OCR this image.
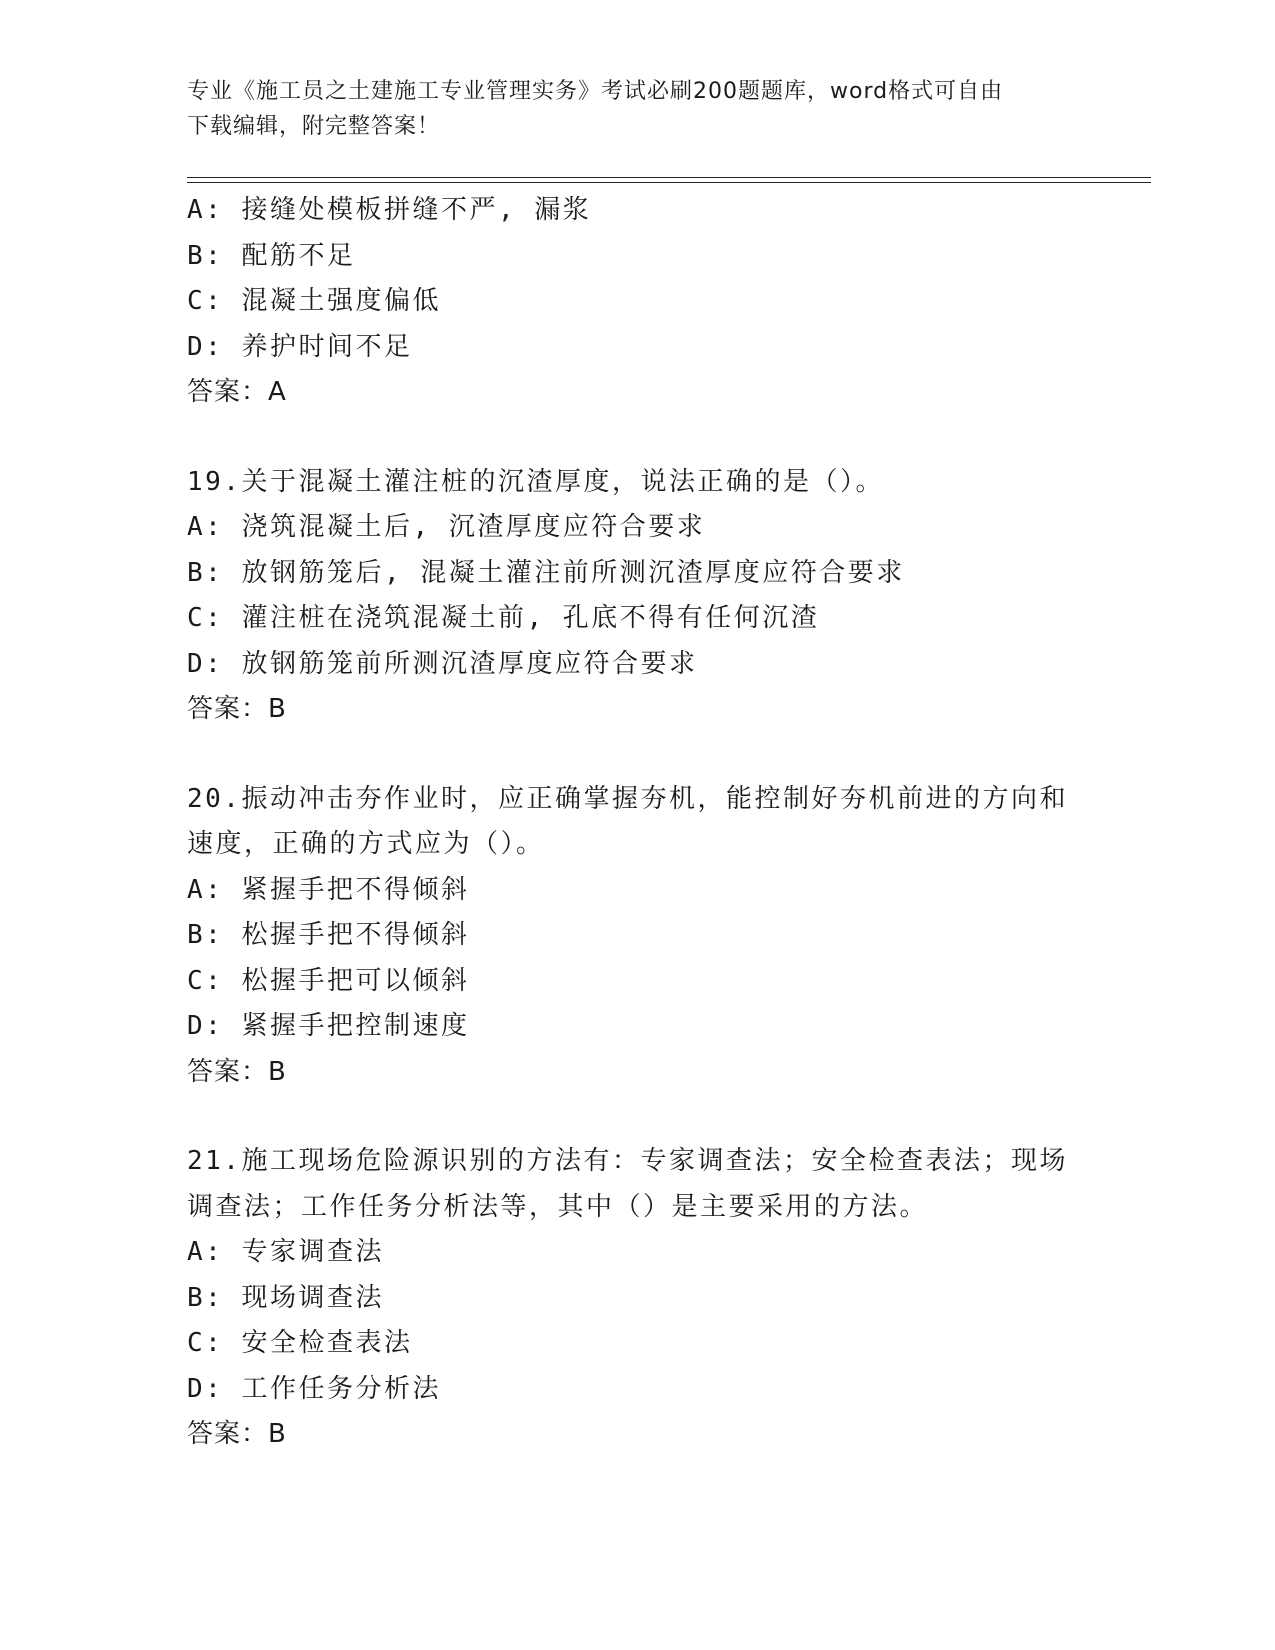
专业《施工员之土建施工专业管理实务》考试必刷200题题库，word格式可自由
下载编辑，附完整答案！
A: 接缝处模板拼缝不严, 漏浆
B: 配筋不足
C: 混凝土强度偏低
D: 养护时间不足
答案：A
19.关于混凝土灌注桩的沉渣厚度，说法正确的是（）。
A: 浇筑混凝土后, 沉渣厚度应符合要求
B: 放钢筋笼后, 混凝土灌注前所测沉渣厚度应符合要求
C: 灌注桩在浇筑混凝土前, 孔底不得有任何沉渣
D: 放钢筋笼前所测沉渣厚度应符合要求
答案：B
20.振动冲击夯作业时，应正确掌握夯机，能控制好夯机前进的方向和
速度，正确的方式应为（）。
A: 紧握手把不得倾斜
B: 松握手把不得倾斜
C: 松握手把可以倾斜
D: 紧握手把控制速度
答案：B
21.施工现场危险源识别的方法有：专家调查法；安全检查表法；现场
调查法；工作任务分析法等，其中（）是主要采用的方法。
A: 专家调查法
B: 现场调查法
C: 安全检查表法
D: 工作任务分析法
答案：B
